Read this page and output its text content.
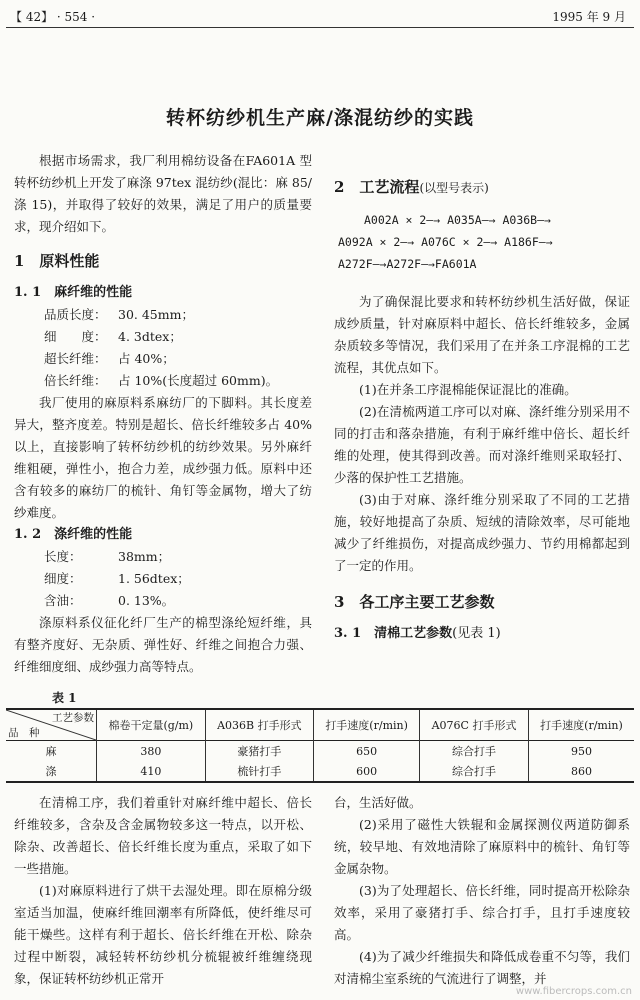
【 42】 · 554 ·	1995 年 9 月
转杯纺纱机生产麻/涤混纺纱的实践

根据市场需求，我厂利用棉纺设备在FA601A 型转杯纺纱机上开发了麻涤 97tex 混纺纱(混比：麻 85/涤 15)，并取得了较好的效果，满足了用户的质量要求，现介绍如下。

1　原料性能

1. 1　麻纤维的性能

品质长度： 30. 45mm；
细　　度： 4. 3dtex；
超长纤维： 占 40%；
倍长纤维： 占 10%(长度超过 60mm)。

我厂使用的麻原料系麻纺厂的下脚料。其长度差异大，整齐度差。特别是超长、倍长纤维较多占 40%以上，直接影响了转杯纺纱机的纺纱效果。另外麻纤维粗硬，弹性小，抱合力差，成纱强力低。原料中还含有较多的麻纺厂的梳针、角钉等金属物，增大了纺纱难度。

1. 2　涤纤维的性能

长度：	38mm；
细度：	1. 56dtex；
含油：	0. 13%。

涤原料系仪征化纤厂生产的棉型涤纶短纤维，具有整齐度好、无杂质、弹性好、纤维之间抱合力强、纤维细度细、成纱强力高等特点。

2　工艺流程(以型号表示)

A002A × 2—→ A035A—→ A036B—→
A092A × 2—→ A076C × 2—→ A186F—→
A272F—→A272F—→FA601A

为了确保混比要求和转杯纺纱机生活好做，保证成纱质量，针对麻原料中超长、倍长纤维较多，金属杂质较多等情况，我们采用了在并条工序混棉的工艺流程，其优点如下。

(1)在并条工序混棉能保证混比的准确。

(2)在清梳两道工序可以对麻、涤纤维分别采用不同的打击和落杂措施，有利于麻纤维中倍长、超长纤维的处理，使其得到改善。而对涤纤维则采取轻打、少落的保护性工艺措施。

(3)由于对麻、涤纤维分别采取了不同的工艺措施，较好地提高了杂质、短绒的清除效率，尽可能地减少了纤维损伤，对提高成纱强力、节约用棉都起到了一定的作用。

3　各工序主要工艺参数

3. 1　清棉工艺参数(见表 1)

表 1
工艺参数
品　种	棉卷干定量(g/m)	A036B 打手形式	打手速度(r/min)	A076C 打手形式	打手速度(r/min)
麻	380	豪猪打手	650	综合打手	950
涤	410	梳针打手	600	综合打手	860

在清棉工序，我们着重针对麻纤维中超长、倍长纤维较多，含杂及含金属物较多这一特点，以开松、除杂、改善超长、倍长纤维长度为重点，采取了如下一些措施。

(1)对麻原料进行了烘干去湿处理。即在原棉分级室适当加温，使麻纤维回潮率有所降低，使纤维尽可能干燥些。这样有利于超长、倍长纤维在开松、除杂过程中断裂，减轻转杯纺纱机分梳辊被纤维缠绕现象，保证转杯纺纱机正常开

台，生活好做。

(2)采用了磁性大铁辊和金属探测仪两道防御系统，较早地、有效地清除了麻原料中的梳针、角钉等金属杂物。

(3)为了处理超长、倍长纤维，同时提高开松除杂效率，采用了豪猪打手、综合打手，且打手速度较高。

(4)为了减少纤维损失和降低成卷重不匀等，我们对清棉尘室系统的气流进行了调整，并

www.fibercrops.com.cn
